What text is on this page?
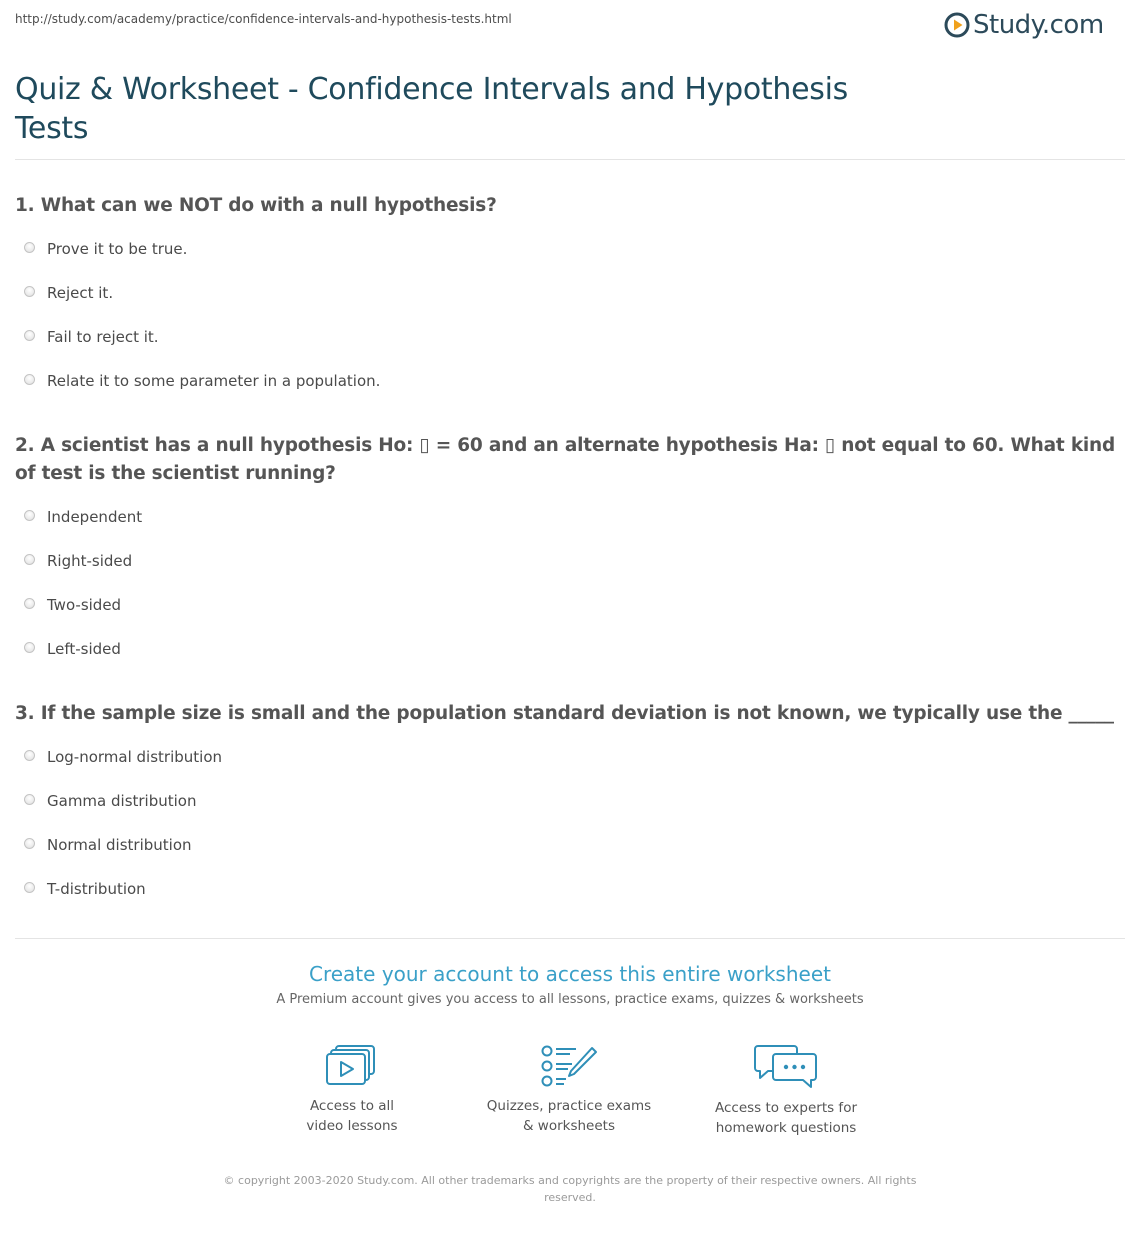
http://study.com/academy/practice/confidence-intervals-and-hypothesis-tests.html	Study.com
Quiz & Worksheet - Confidence Intervals and Hypothesis Tests
1. What can we NOT do with a null hypothesis?
Prove it to be true.
Reject it.
Fail to reject it.
Relate it to some parameter in a population.
2. A scientist has a null hypothesis Ho: ▯ = 60 and an alternate hypothesis Ha: ▯ not equal to 60. What kind of test is the scientist running?
Independent
Right-sided
Two-sided
Left-sided
3. If the sample size is small and the population standard deviation is not known, we typically use the _____
Log-normal distribution
Gamma distribution
Normal distribution
T-distribution
Create your account to access this entire worksheet
A Premium account gives you access to all lessons, practice exams, quizzes & worksheets
Access to all
video lessons
Quizzes, practice exams
& worksheets
Access to experts for
homework questions
© copyright 2003-2020 Study.com. All other trademarks and copyrights are the property of their respective owners. All rights
reserved.
